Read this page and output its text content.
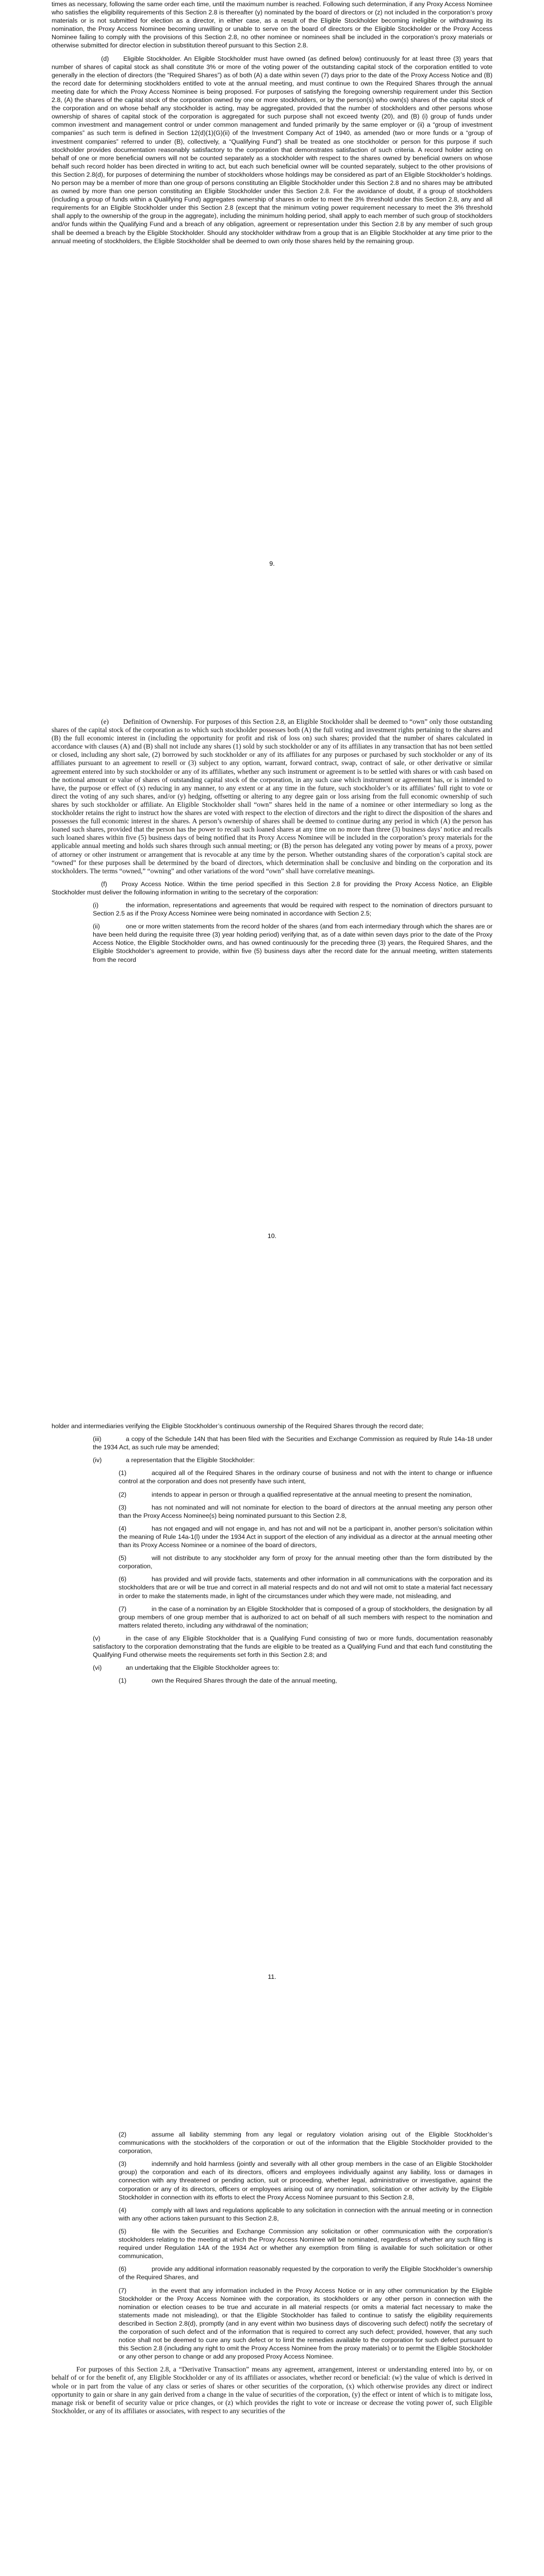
times as necessary, following the same order each time, until the maximum number is reached. Following such determination, if any Proxy Access Nominee who satisfies the eligibility requirements of this Section 2.8 is thereafter (y) nominated by the board of directors or (z) not included in the corporation’s proxy materials or is not submitted for election as a director, in either case, as a result of the Eligible Stockholder becoming ineligible or withdrawing its nomination, the Proxy Access Nominee becoming unwilling or unable to serve on the board of directors or the Eligible Stockholder or the Proxy Access Nominee failing to comply with the provisions of this Section 2.8, no other nominee or nominees shall be included in the corporation’s proxy materials or otherwise submitted for director election in substitution thereof pursuant to this Section 2.8.

(d) Eligible Stockholder. An Eligible Stockholder must have owned (as defined below) continuously for at least three (3) years that number of shares of capital stock as shall constitute 3% or more of the voting power of the outstanding capital stock of the corporation entitled to vote generally in the election of directors (the “Required Shares”) as of both (A) a date within seven (7) days prior to the date of the Proxy Access Notice and (B) the record date for determining stockholders entitled to vote at the annual meeting, and must continue to own the Required Shares through the annual meeting date for which the Proxy Access Nominee is being proposed. For purposes of satisfying the foregoing ownership requirement under this Section 2.8, (A) the shares of the capital stock of the corporation owned by one or more stockholders, or by the person(s) who own(s) shares of the capital stock of the corporation and on whose behalf any stockholder is acting, may be aggregated, provided that the number of stockholders and other persons whose ownership of shares of capital stock of the corporation is aggregated for such purpose shall not exceed twenty (20), and (B) (i) group of funds under common investment and management control or under common management and funded primarily by the same employer or (ii) a “group of investment companies” as such term is defined in Section 12(d)(1)(G)(ii) of the Investment Company Act of 1940, as amended (two or more funds or a “group of investment companies” referred to under (B), collectively, a “Qualifying Fund”) shall be treated as one stockholder or person for this purpose if such stockholder provides documentation reasonably satisfactory to the corporation that demonstrates satisfaction of such criteria. A record holder acting on behalf of one or more beneficial owners will not be counted separately as a stockholder with respect to the shares owned by beneficial owners on whose behalf such record holder has been directed in writing to act, but each such beneficial owner will be counted separately, subject to the other provisions of this Section 2.8(d), for purposes of determining the number of stockholders whose holdings may be considered as part of an Eligible Stockholder’s holdings. No person may be a member of more than one group of persons constituting an Eligible Stockholder under this Section 2.8 and no shares may be attributed as owned by more than one person constituting an Eligible Stockholder under this Section 2.8. For the avoidance of doubt, if a group of stockholders (including a group of funds within a Qualifying Fund) aggregates ownership of shares in order to meet the 3% threshold under this Section 2.8, any and all requirements for an Eligible Stockholder under this Section 2.8 (except that the minimum voting power requirement necessary to meet the 3% threshold shall apply to the ownership of the group in the aggregate), including the minimum holding period, shall apply to each member of such group of stockholders and/or funds within the Qualifying Fund and a breach of any obligation, agreement or representation under this Section 2.8 by any member of such group shall be deemed a breach by the Eligible Stockholder. Should any stockholder withdraw from a group that is an Eligible Stockholder at any time prior to the annual meeting of stockholders, the Eligible Stockholder shall be deemed to own only those shares held by the remaining group.

9.

(e) Definition of Ownership. For purposes of this Section 2.8, an Eligible Stockholder shall be deemed to “own” only those outstanding shares of the capital stock of the corporation as to which such stockholder possesses both (A) the full voting and investment rights pertaining to the shares and (B) the full economic interest in (including the opportunity for profit and risk of loss on) such shares; provided that the number of shares calculated in accordance with clauses (A) and (B) shall not include any shares (1) sold by such stockholder or any of its affiliates in any transaction that has not been settled or closed, including any short sale, (2) borrowed by such stockholder or any of its affiliates for any purposes or purchased by such stockholder or any of its affiliates pursuant to an agreement to resell or (3) subject to any option, warrant, forward contract, swap, contract of sale, or other derivative or similar agreement entered into by such stockholder or any of its affiliates, whether any such instrument or agreement is to be settled with shares or with cash based on the notional amount or value of shares of outstanding capital stock of the corporation, in any such case which instrument or agreement has, or is intended to have, the purpose or effect of (x) reducing in any manner, to any extent or at any time in the future, such stockholder’s or its affiliates’ full right to vote or direct the voting of any such shares, and/or (y) hedging, offsetting or altering to any degree gain or loss arising from the full economic ownership of such shares by such stockholder or affiliate. An Eligible Stockholder shall “own” shares held in the name of a nominee or other intermediary so long as the stockholder retains the right to instruct how the shares are voted with respect to the election of directors and the right to direct the disposition of the shares and possesses the full economic interest in the shares. A person’s ownership of shares shall be deemed to continue during any period in which (A) the person has loaned such shares, provided that the person has the power to recall such loaned shares at any time on no more than three (3) business days’ notice and recalls such loaned shares within five (5) business days of being notified that its Proxy Access Nominee will be included in the corporation’s proxy materials for the applicable annual meeting and holds such shares through such annual meeting; or (B) the person has delegated any voting power by means of a proxy, power of attorney or other instrument or arrangement that is revocable at any time by the person. Whether outstanding shares of the corporation’s capital stock are “owned” for these purposes shall be determined by the board of directors, which determination shall be conclusive and binding on the corporation and its stockholders. The terms “owned,” “owning” and other variations of the word “own” shall have correlative meanings.

(f) Proxy Access Notice. Within the time period specified in this Section 2.8 for providing the Proxy Access Notice, an Eligible Stockholder must deliver the following information in writing to the secretary of the corporation:

(i)	the information, representations and agreements that would be required with respect to the nomination of directors pursuant to Section 2.5 as if the Proxy Access Nominee were being nominated in accordance with Section 2.5;

(ii)	one or more written statements from the record holder of the shares (and from each intermediary through which the shares are or have been held during the requisite three (3) year holding period) verifying that, as of a date within seven days prior to the date of the Proxy Access Notice, the Eligible Stockholder owns, and has owned continuously for the preceding three (3) years, the Required Shares, and the Eligible Stockholder’s agreement to provide, within five (5) business days after the record date for the annual meeting, written statements from the record

10.

holder and intermediaries verifying the Eligible Stockholder’s continuous ownership of the Required Shares through the record date;

(iii)	a copy of the Schedule 14N that has been filed with the Securities and Exchange Commission as required by Rule 14a-18 under the 1934 Act, as such rule may be amended;

(iv)	a representation that the Eligible Stockholder:

(1)	acquired all of the Required Shares in the ordinary course of business and not with the intent to change or influence control at the corporation and does not presently have such intent,

(2)	intends to appear in person or through a qualified representative at the annual meeting to present the nomination,

(3)	has not nominated and will not nominate for election to the board of directors at the annual meeting any person other than the Proxy Access Nominee(s) being nominated pursuant to this Section 2.8,

(4)	has not engaged and will not engage in, and has not and will not be a participant in, another person’s solicitation within the meaning of Rule 14a-1(l) under the 1934 Act in support of the election of any individual as a director at the annual meeting other than its Proxy Access Nominee or a nominee of the board of directors,

(5)	will not distribute to any stockholder any form of proxy for the annual meeting other than the form distributed by the corporation,

(6)	has provided and will provide facts, statements and other information in all communications with the corporation and its stockholders that are or will be true and correct in all material respects and do not and will not omit to state a material fact necessary in order to make the statements made, in light of the circumstances under which they were made, not misleading, and

(7)	in the case of a nomination by an Eligible Stockholder that is composed of a group of stockholders, the designation by all group members of one group member that is authorized to act on behalf of all such members with respect to the nomination and matters related thereto, including any withdrawal of the nomination;

(v)	in the case of any Eligible Stockholder that is a Qualifying Fund consisting of two or more funds, documentation reasonably satisfactory to the corporation demonstrating that the funds are eligible to be treated as a Qualifying Fund and that each fund constituting the Qualifying Fund otherwise meets the requirements set forth in this Section 2.8; and

(vi)	an undertaking that the Eligible Stockholder agrees to:

(1)	own the Required Shares through the date of the annual meeting,

11.

(2)	assume all liability stemming from any legal or regulatory violation arising out of the Eligible Stockholder’s communications with the stockholders of the corporation or out of the information that the Eligible Stockholder provided to the corporation,

(3)	indemnify and hold harmless (jointly and severally with all other group members in the case of an Eligible Stockholder group) the corporation and each of its directors, officers and employees individually against any liability, loss or damages in connection with any threatened or pending action, suit or proceeding, whether legal, administrative or investigative, against the corporation or any of its directors, officers or employees arising out of any nomination, solicitation or other activity by the Eligible Stockholder in connection with its efforts to elect the Proxy Access Nominee pursuant to this Section 2.8,

(4)	comply with all laws and regulations applicable to any solicitation in connection with the annual meeting or in connection with any other actions taken pursuant to this Section 2.8,

(5)	file with the Securities and Exchange Commission any solicitation or other communication with the corporation’s stockholders relating to the meeting at which the Proxy Access Nominee will be nominated, regardless of whether any such filing is required under Regulation 14A of the 1934 Act or whether any exemption from filing is available for such solicitation or other communication,

(6)	provide any additional information reasonably requested by the corporation to verify the Eligible Stockholder’s ownership of the Required Shares, and

(7)	in the event that any information included in the Proxy Access Notice or in any other communication by the Eligible Stockholder or the Proxy Access Nominee with the corporation, its stockholders or any other person in connection with the nomination or election ceases to be true and accurate in all material respects (or omits a material fact necessary to make the statements made not misleading), or that the Eligible Stockholder has failed to continue to satisfy the eligibility requirements described in Section 2.8(d), promptly (and in any event within two business days of discovering such defect) notify the secretary of the corporation of such defect and of the information that is required to correct any such defect; provided, however, that any such notice shall not be deemed to cure any such defect or to limit the remedies available to the corporation for such defect pursuant to this Section 2.8 (including any right to omit the Proxy Access Nominee from the proxy materials) or to permit the Eligible Stockholder or any other person to change or add any proposed Proxy Access Nominee.

For purposes of this Section 2.8, a “Derivative Transaction” means any agreement, arrangement, interest or understanding entered into by, or on behalf of or for the benefit of, any Eligible Stockholder or any of its affiliates or associates, whether record or beneficial: (w) the value of which is derived in whole or in part from the value of any class or series of shares or other securities of the corporation, (x) which otherwise provides any direct or indirect opportunity to gain or share in any gain derived from a change in the value of securities of the corporation, (y) the effect or intent of which is to mitigate loss, manage risk or benefit of security value or price changes, or (z) which provides the right to vote or increase or decrease the voting power of, such Eligible Stockholder, or any of its affiliates or associates, with respect to any securities of the
